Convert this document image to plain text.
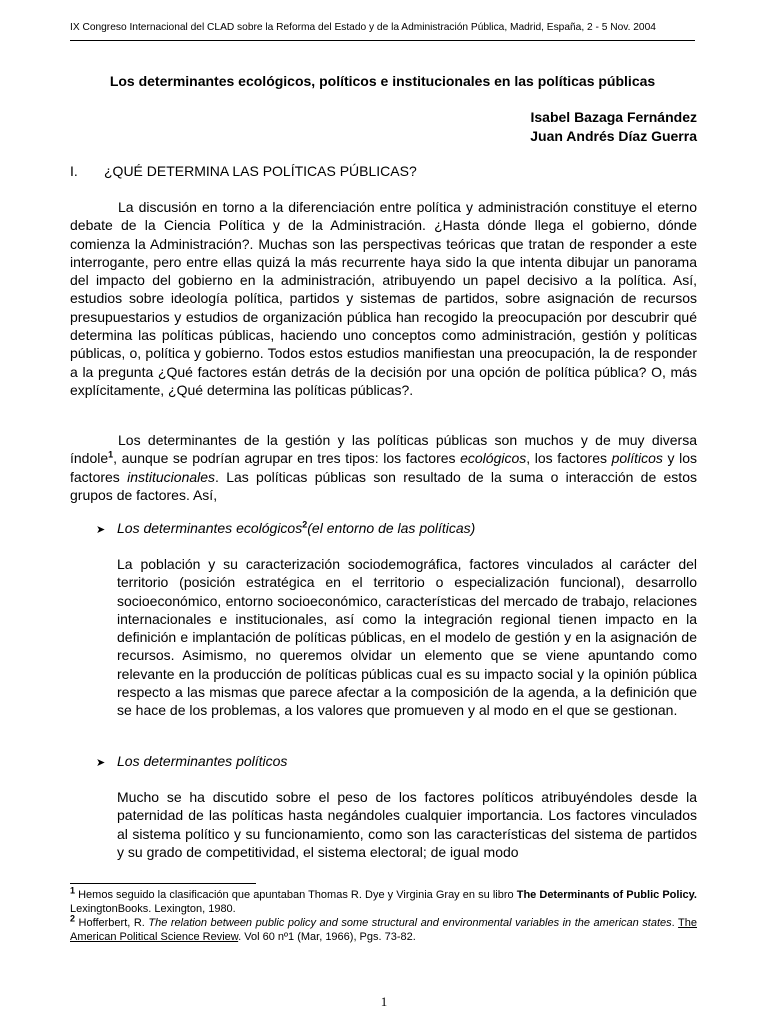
IX Congreso Internacional del CLAD sobre la Reforma del Estado y de la Administración Pública, Madrid, España, 2 - 5 Nov. 2004
Los determinantes ecológicos, políticos e institucionales en las políticas públicas
Isabel Bazaga Fernández
Juan Andrés Díaz Guerra
I. ¿QUÉ DETERMINA LAS POLÍTICAS PÚBLICAS?

La discusión en torno a la diferenciación entre política y administración constituye el eterno debate de la Ciencia Política y de la Administración. ¿Hasta dónde llega el gobierno, dónde comienza la Administración?. Muchas son las perspectivas teóricas que tratan de responder a este interrogante, pero entre ellas quizá la más recurrente haya sido la que intenta dibujar un panorama del impacto del gobierno en la administración, atribuyendo un papel decisivo a la política. Así, estudios sobre ideología política, partidos y sistemas de partidos, sobre asignación de recursos presupuestarios y estudios de organización pública han recogido la preocupación por descubrir qué determina las políticas públicas, haciendo uno conceptos como administración, gestión y políticas públicas, o, política y gobierno. Todos estos estudios manifiestan una preocupación, la de responder a la pregunta ¿Qué factores están detrás de la decisión por una opción de política pública? O, más explícitamente, ¿Qué determina las políticas públicas?.

Los determinantes de la gestión y las políticas públicas son muchos y de muy diversa índole$^1$, aunque se podrían agrupar en tres tipos: los factores ecológicos, los factores políticos y los factores institucionales. Las políticas públicas son resultado de la suma o interacción de estos grupos de factores. Así,

➤ Los determinantes ecológicos$^2$(el entorno de las políticas)

La población y su caracterización sociodemográfica, factores vinculados al carácter del territorio (posición estratégica en el territorio o especialización funcional), desarrollo socioeconómico, entorno socioeconómico, características del mercado de trabajo, relaciones internacionales e institucionales, así como la integración regional tienen impacto en la definición e implantación de políticas públicas, en el modelo de gestión y en la asignación de recursos. Asimismo, no queremos olvidar un elemento que se viene apuntando como relevante en la producción de políticas públicas cual es su impacto social y la opinión pública respecto a las mismas que parece afectar a la composición de la agenda, a la definición que se hace de los problemas, a los valores que promueven y al modo en el que se gestionan.

➤ Los determinantes políticos

Mucho se ha discutido sobre el peso de los factores políticos atribuyéndoles desde la paternidad de las políticas hasta negándoles cualquier importancia. Los factores vinculados al sistema político y su funcionamiento, como son las características del sistema de partidos y su grado de competitividad, el sistema electoral; de igual modo

$^1$ Hemos seguido la clasificación que apuntaban Thomas R. Dye y Virginia Gray en su libro The Determinants of Public Policy. LexingtonBooks. Lexington, 1980.

$^2$ Hofferbert, R. The relation between public policy and some structural and environmental variables in the american states. The American Political Science Review. Vol 60 nº1 (Mar, 1966), Pgs. 73-82.

1
